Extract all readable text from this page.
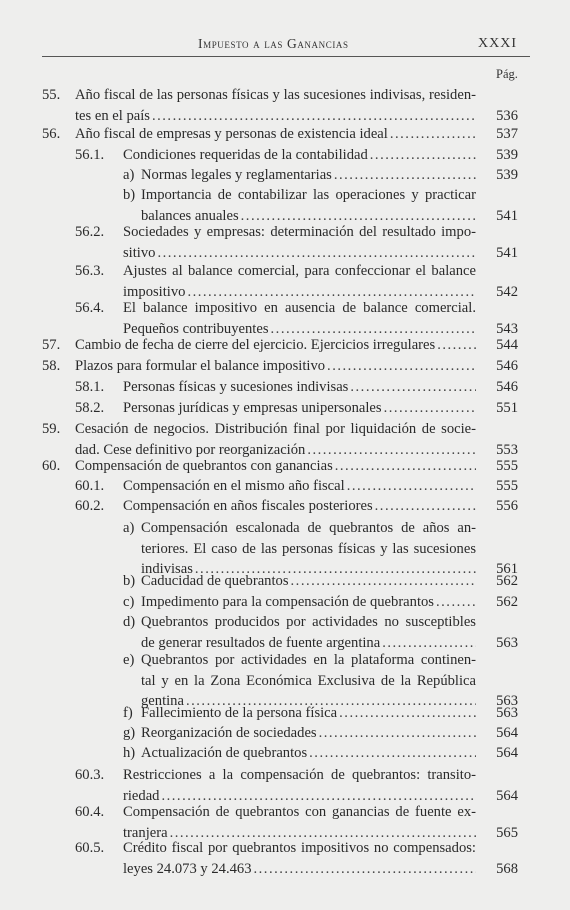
Impuesto a las Ganancias	XXXI
Pág.
55. Año fiscal de las personas físicas y las sucesiones indivisas, residen-
tes en el país .....	536
56. Año fiscal de empresas y personas de existencia ideal .....	537
56.1. Condiciones requeridas de la contabilidad .....	539
a) Normas legales y reglamentarias .....	539
b) Importancia de contabilizar las operaciones y practicar
balances anuales .....	541
56.2. Sociedades y empresas: determinación del resultado impo-
sitivo .....	541
56.3. Ajustes al balance comercial, para confeccionar el balance
impositivo .....	542
56.4. El balance impositivo en ausencia de balance comercial.
Pequeños contribuyentes .....	543
57. Cambio de fecha de cierre del ejercicio. Ejercicios irregulares .....	544
58. Plazos para formular el balance impositivo .....	546
58.1. Personas físicas y sucesiones indivisas .....	546
58.2. Personas jurídicas y empresas unipersonales .....	551
59. Cesación de negocios. Distribución final por liquidación de socie-
dad. Cese definitivo por reorganización .....	553
60. Compensación de quebrantos con ganancias .....	555
60.1. Compensación en el mismo año fiscal .....	555
60.2. Compensación en años fiscales posteriores .....	556
a) Compensación escalonada de quebrantos de años an-
teriores. El caso de las personas físicas y las sucesiones
indivisas .....	561
b) Caducidad de quebrantos .....	562
c) Impedimento para la compensación de quebrantos .....	562
d) Quebrantos producidos por actividades no susceptibles
de generar resultados de fuente argentina .....	563
e) Quebrantos por actividades en la plataforma continen-
tal y en la Zona Económica Exclusiva de la República
gentina .....	563
f) Fallecimiento de la persona física .....	563
g) Reorganización de sociedades .....	564
h) Actualización de quebrantos .....	564
60.3. Restricciones a la compensación de quebrantos: transito-
riedad .....	564
60.4. Compensación de quebrantos con ganancias de fuente ex-
tranjera .....	565
60.5. Crédito fiscal por quebrantos impositivos no compensados:
leyes 24.073 y 24.463 .....	568
